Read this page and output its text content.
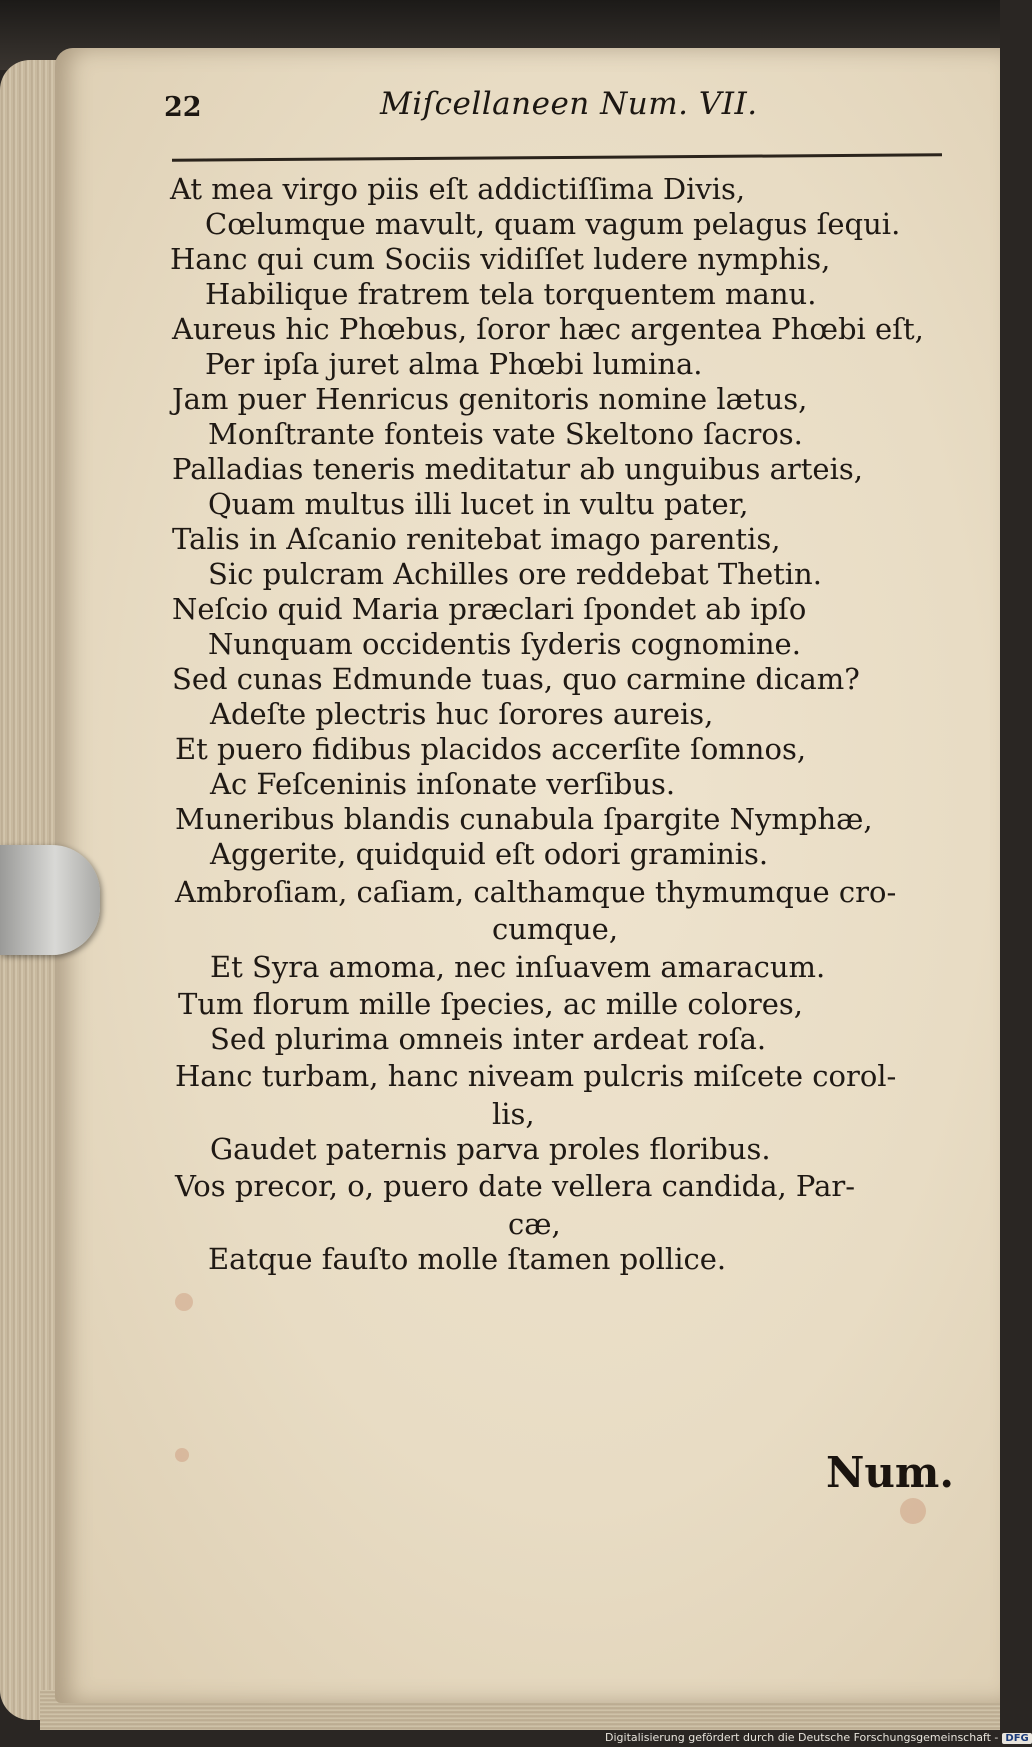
22	Miſcellaneen Num. VII.
At mea virgo piis eſt addictiſſima Divis,
Cœlumque mavult, quam vagum pelagus ſequi.
Hanc qui cum Sociis vidiſſet ludere nymphis,
Habilique fratrem tela torquentem manu.
Aureus hic Phœbus, ſoror hæc argentea Phœbi eſt,
Per ipſa juret alma Phœbi lumina.
Jam puer Henricus genitoris nomine lætus,
Monſtrante fonteis vate Skeltono ſacros.
Palladias teneris meditatur ab unguibus arteis,
Quam multus illi lucet in vultu pater,
Talis in Aſcanio renitebat imago parentis,
Sic pulcram Achilles ore reddebat Thetin.
Neſcio quid Maria præclari ſpondet ab ipſo
Nunquam occidentis ſyderis cognomine.
Sed cunas Edmunde tuas, quo carmine dicam?
Adeſte plectris huc ſorores aureis,
Et puero fidibus placidos accerſite ſomnos,
Ac Feſceninis inſonate verſibus.
Muneribus blandis cunabula ſpargite Nymphæ,
Aggerite, quidquid eſt odori graminis.
Ambroſiam, caſiam, calthamque thymumque cro-
cumque,
Et Syra amoma, nec inſuavem amaracum.
Tum florum mille ſpecies, ac mille colores,
Sed plurima omneis inter ardeat roſa.
Hanc turbam, hanc niveam pulcris miſcete corol-
lis,
Gaudet paternis parva proles floribus.
Vos precor, o, puero date vellera candida, Par-
cæ,
Eatque fauſto molle ſtamen pollice.
Num.
Digitalisierung gefördert durch die Deutsche Forschungsgemeinschaft - DFG
